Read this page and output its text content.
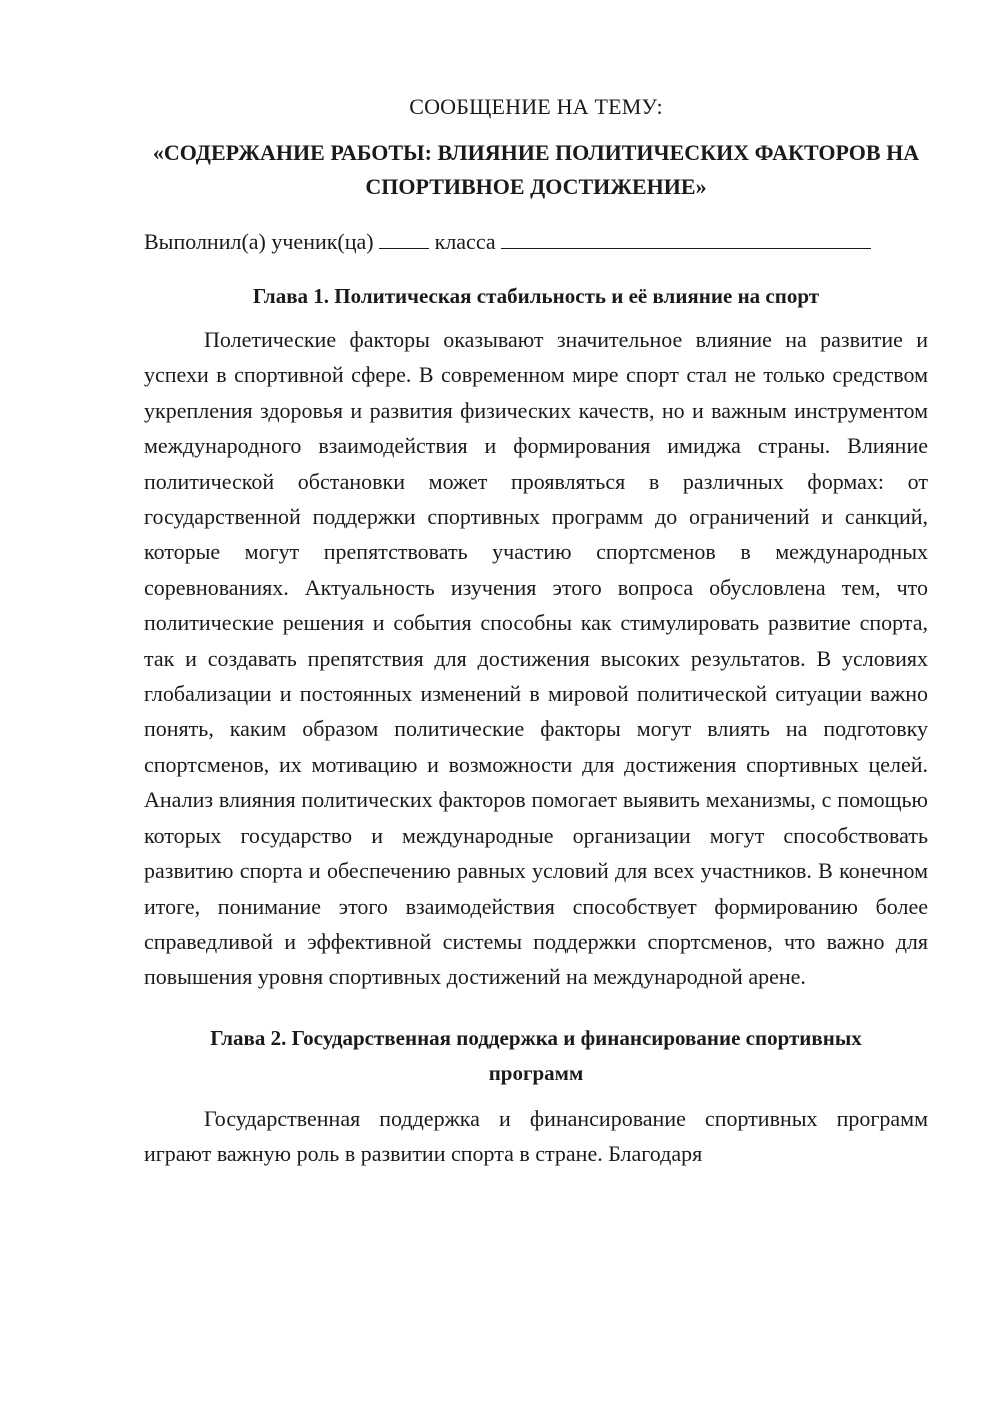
СООБЩЕНИЕ НА ТЕМУ:
«СОДЕРЖАНИЕ РАБОТЫ: ВЛИЯНИЕ ПОЛИТИЧЕСКИХ ФАКТОРОВ НА СПОРТИВНОЕ ДОСТИЖЕНИЕ»
Выполнил(а) ученик(ца)	класса
Глава 1. Политическая стабильность и её влияние на спорт

Полетические факторы оказывают значительное влияние на развитие и успехи в спортивной сфере. В современном мире спорт стал не только средством укрепления здоровья и развития физических качеств, но и важным инструментом международного взаимодействия и формирования имиджа страны. Влияние политической обстановки может проявляться в различных формах: от государственной поддержки спортивных программ до ограничений и санкций, которые могут препятствовать участию спортсменов в международных соревнованиях. Актуальность изучения этого вопроса обусловлена тем, что политические решения и события способны как стимулировать развитие спорта, так и создавать препятствия для достижения высоких результатов. В условиях глобализации и постоянных изменений в мировой политической ситуации важно понять, каким образом политические факторы могут влиять на подготовку спортсменов, их мотивацию и возможности для достижения спортивных целей. Анализ влияния политических факторов помогает выявить механизмы, с помощью которых государство и международные организации могут способствовать развитию спорта и обеспечению равных условий для всех участников. В конечном итоге, понимание этого взаимодействия способствует формированию более справедливой и эффективной системы поддержки спортсменов, что важно для повышения уровня спортивных достижений на международной арене.

Глава 2. Государственная поддержка и финансирование спортивных программ

Государственная поддержка и финансирование спортивных программ играют важную роль в развитии спорта в стране. Благодаря
